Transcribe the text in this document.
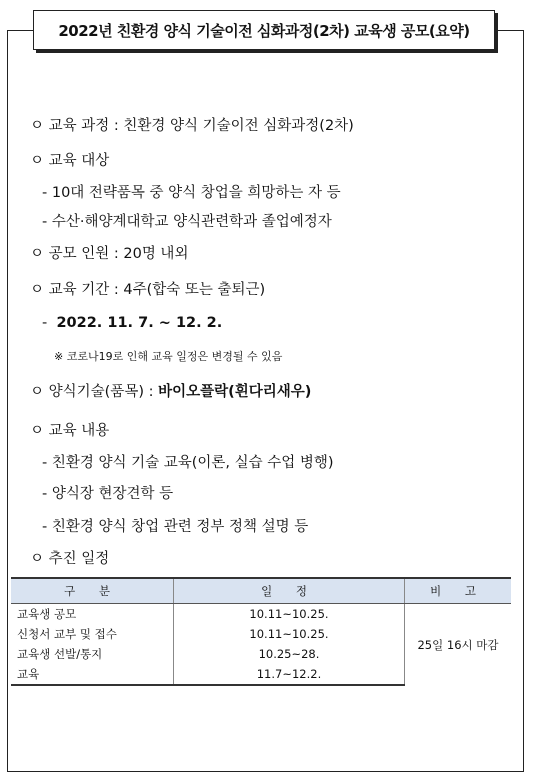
2022년 친환경 양식 기술이전 심화과정(2차) 교육생 공모(요약)
ㅇ 교육 과정 : 친환경 양식 기술이전 심화과정(2차)
ㅇ 교육 대상
- 10대 전략품목 중 양식 창업을 희망하는 자 등
- 수산·해양계대학교 양식관련학과 졸업예정자
ㅇ 공모 인원 : 20명 내외
ㅇ 교육 기간 : 4주(합숙 또는 출퇴근)
- 2022. 11. 7. ~ 12. 2.
※ 코로나19로 인해 교육 일정은 변경될 수 있음
ㅇ 양식기술(품목) : 바이오플락(흰다리새우)
ㅇ 교육 내용
- 친환경 양식 기술 교육(이론, 실습 수업 병행)
- 양식장 현장견학 등
- 친환경 양식 창업 관련 정부 정책 설명 등
ㅇ 추진 일정
구 분	일 정	비 고
교육생 공모	10.11~10.25.	25일 16시 마감
신청서 교부 및 접수	10.11~10.25.	
교육생 선발/통지	10.25~28.	
교육	11.7~12.2.	
